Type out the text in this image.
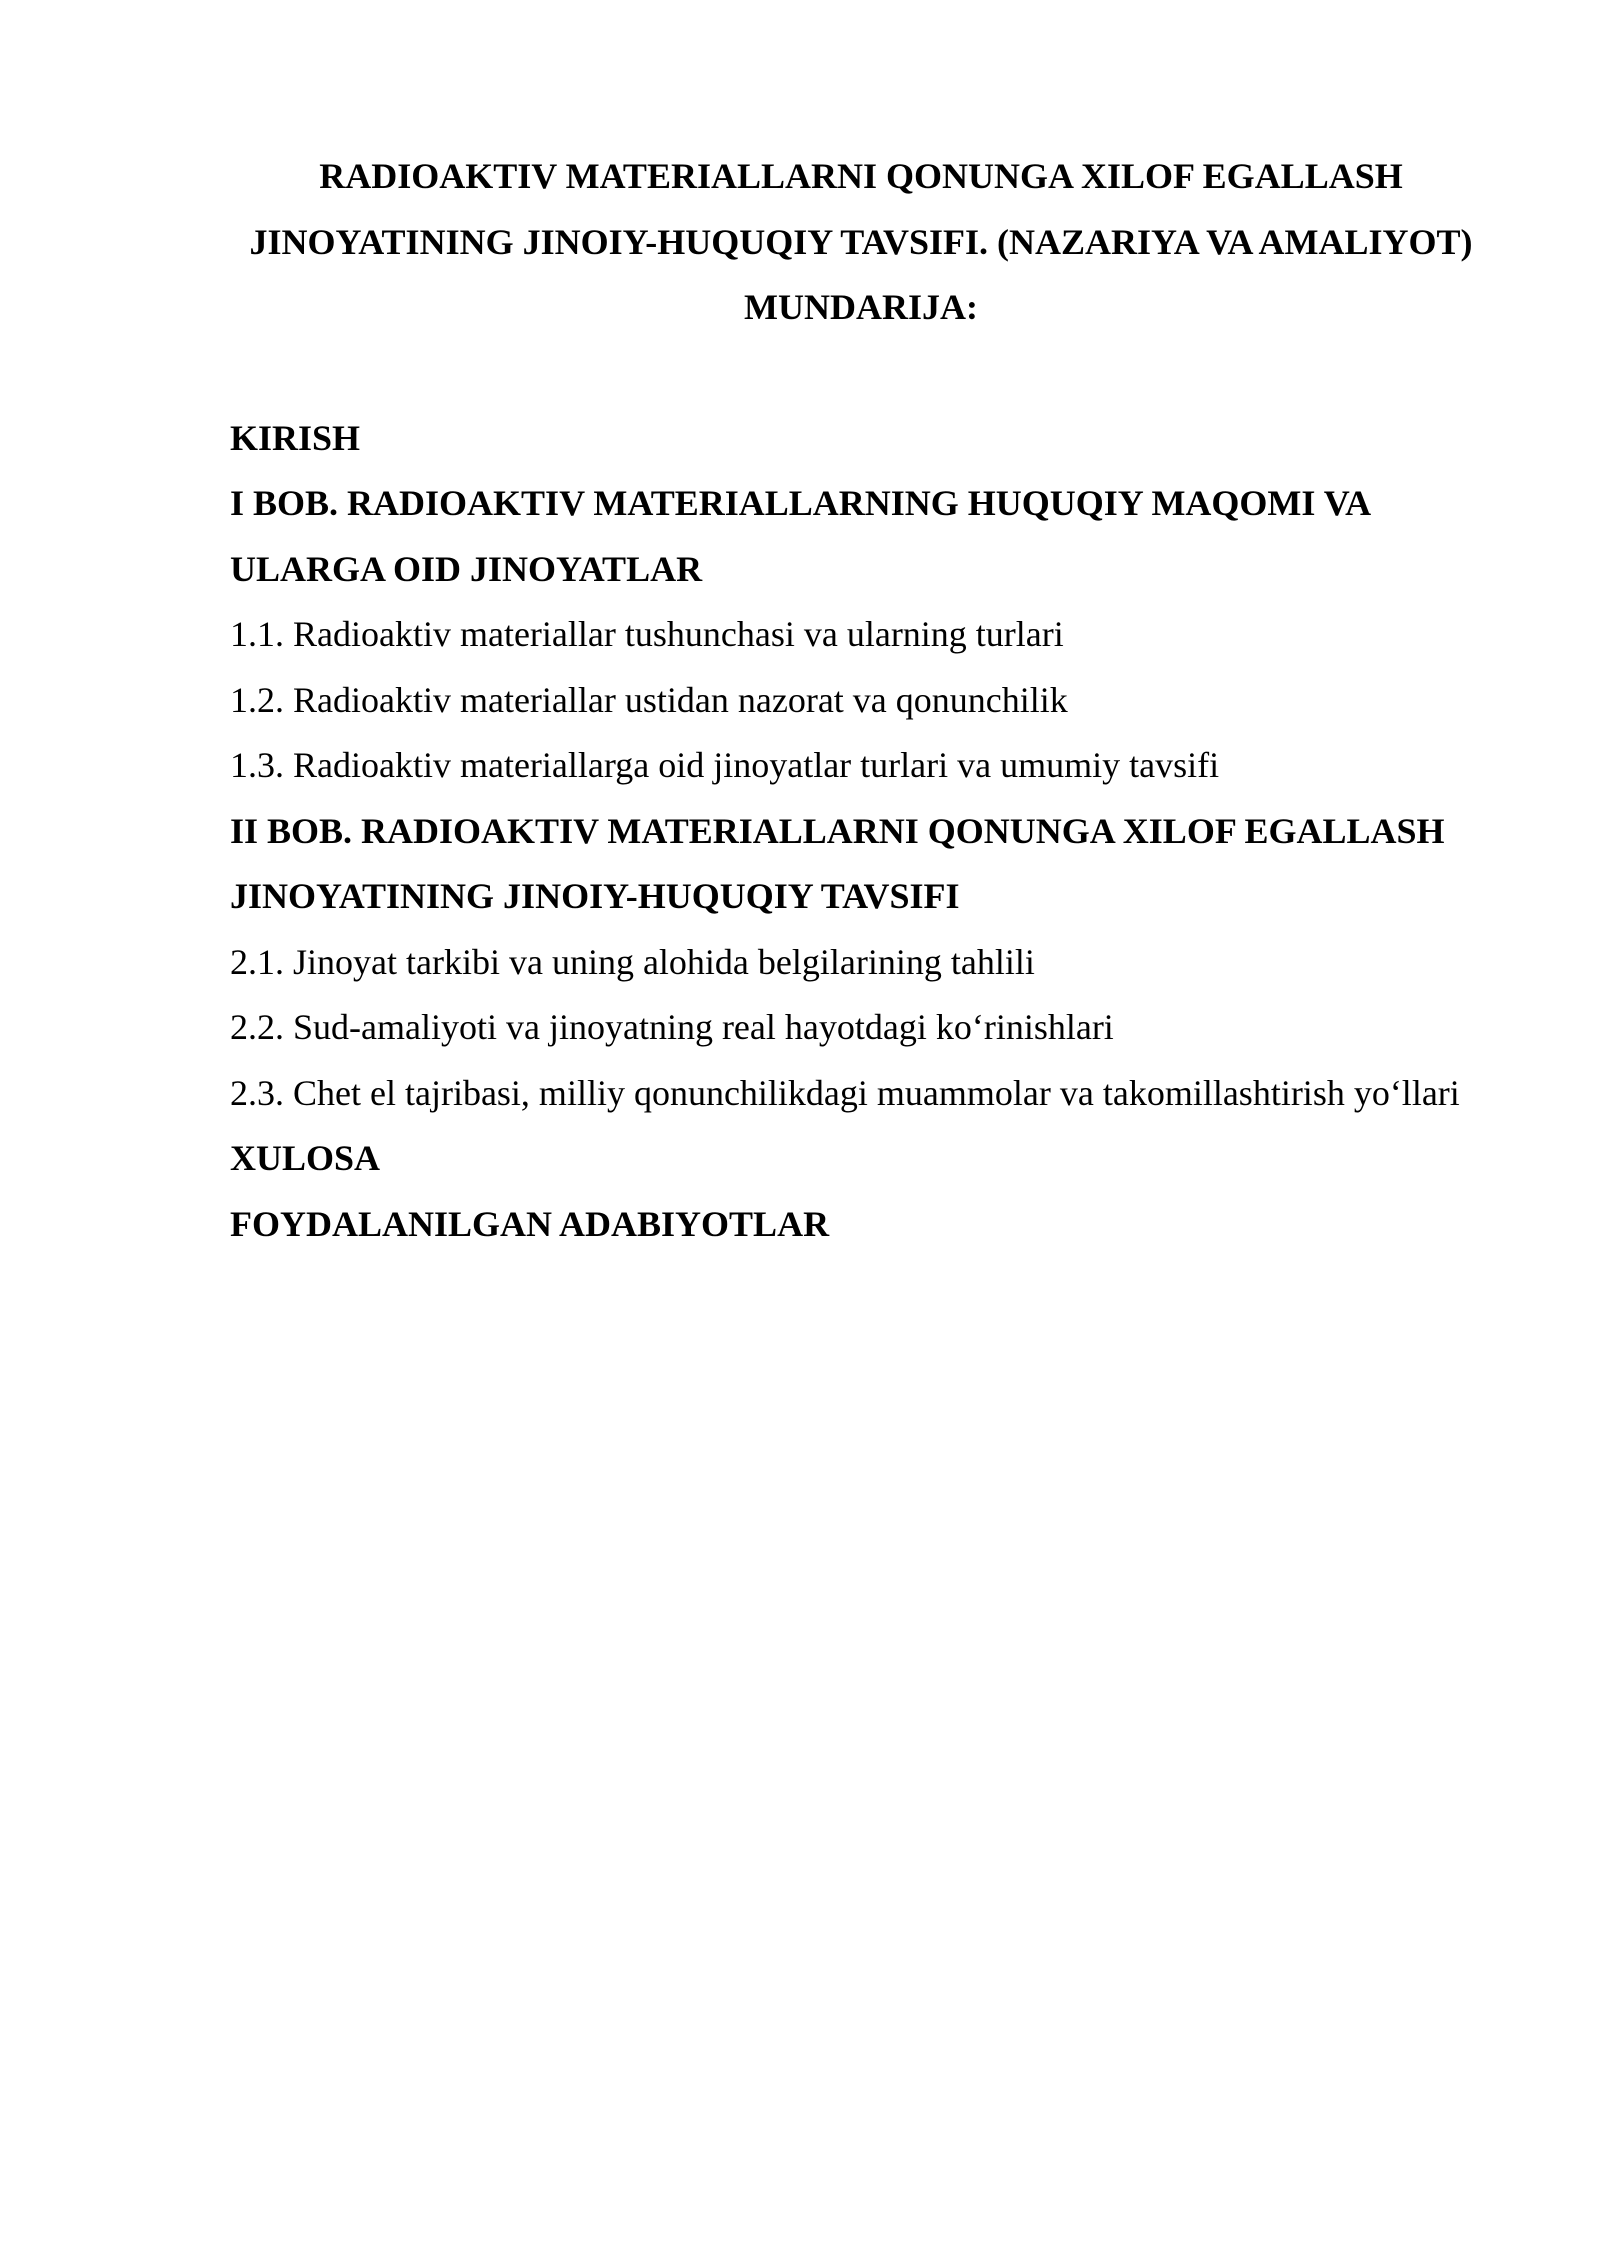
RADIOAKTIV MATERIALLARNI QONUNGA XILOF EGALLASH JINOYATINING JINOIY-HUQUQIY TAVSIFI. (NAZARIYA VA AMALIYOT)
MUNDARIJA:
KIRISH
I BOB. RADIOAKTIV MATERIALLARNING HUQUQIY MAQOMI VA ULARGA OID JINOYATLAR
1.1. Radioaktiv materiallar tushunchasi va ularning turlari
1.2. Radioaktiv materiallar ustidan nazorat va qonunchilik
1.3. Radioaktiv materiallarga oid jinoyatlar turlari va umumiy tavsifi
II BOB. RADIOAKTIV MATERIALLARNI QONUNGA XILOF EGALLASH JINOYATINING JINOIY-HUQUQIY TAVSIFI
2.1. Jinoyat tarkibi va uning alohida belgilarining tahlili
2.2. Sud-amaliyoti va jinoyatning real hayotdagi ko‘rinishlari
2.3. Chet el tajribasi, milliy qonunchilikdagi muammolar va takomillashtirish yo‘llari
XULOSA
FOYDALANILGAN ADABIYOTLAR
